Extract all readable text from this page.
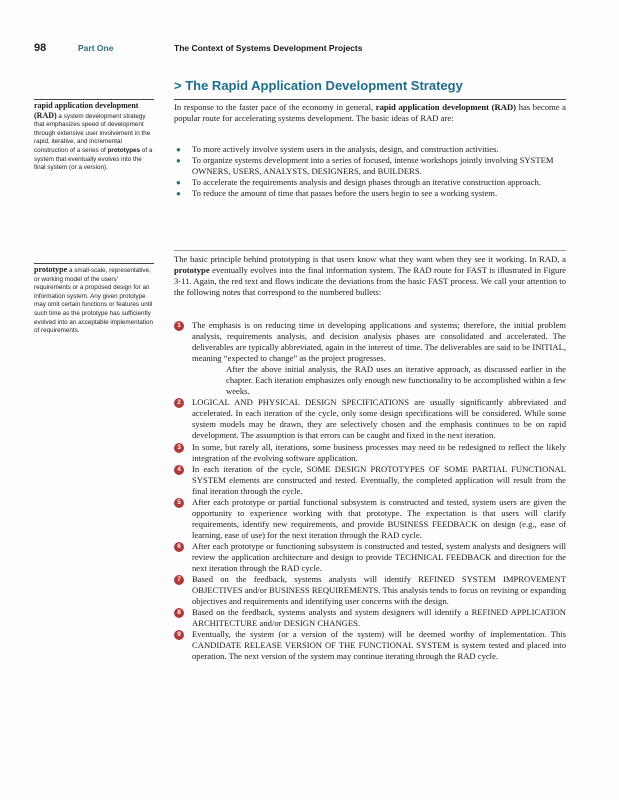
98	Part One	The Context of Systems Development Projects
> The Rapid Application Development Strategy
rapid application development (RAD) a system development strategy that emphasizes speed of development through extensive user involvement in the rapid, iterative, and incremental construction of a series of prototypes of a system that eventually evolves into the final system (or a version).
prototype a small-scale, representative, or working model of the users' requirements or a proposed design for an information system. Any given prototype may omit certain functions or features until such time as the prototype has sufficiently evolved into an acceptable implementation of requirements.
In response to the faster pace of the economy in general, rapid application development (RAD) has become a popular route for accelerating systems development. The basic ideas of RAD are:
● To more actively involve system users in the analysis, design, and construction activities.
● To organize systems development into a series of focused, intense workshops jointly involving SYSTEM OWNERS, USERS, ANALYSTS, DESIGNERS, and BUILDERS.
● To accelerate the requirements analysis and design phases through an iterative construction approach.
● To reduce the amount of time that passes before the users begin to see a working system.
The basic principle behind prototyping is that users know what they want when they see it working. In RAD, a prototype eventually evolves into the final information system. The RAD route for FAST is illustrated in Figure 3-11. Again, the red text and flows indicate the deviations from the basic FAST process. We call your attention to the following notes that correspond to the numbered bullets:
1	The emphasis is on reducing time in developing applications and systems; therefore, the initial problem analysis, requirements analysis, and decision analysis phases are consolidated and accelerated. The deliverables are typically abbreviated, again in the interest of time. The deliverables are said to be INITIAL, meaning “expected to change” as the project progresses.
After the above initial analysis, the RAD uses an iterative approach, as discussed earlier in the chapter. Each iteration emphasizes only enough new functionality to be accomplished within a few weeks.
2	LOGICAL AND PHYSICAL DESIGN SPECIFICATIONS are usually significantly abbreviated and accelerated. In each iteration of the cycle, only some design specifications will be considered. While some system models may be drawn, they are selectively chosen and the emphasis continues to be on rapid development. The assumption is that errors can be caught and fixed in the next iteration.
3	In some, but rarely all, iterations, some business processes may need to be redesigned to reflect the likely integration of the evolving software application.
4	In each iteration of the cycle, SOME DESIGN PROTOTYPES OF SOME PARTIAL FUNCTIONAL SYSTEM elements are constructed and tested. Eventually, the completed application will result from the final iteration through the cycle.
5	After each prototype or partial functional subsystem is constructed and tested, system users are given the opportunity to experience working with that prototype. The expectation is that users will clarify requirements, identify new requirements, and provide BUSINESS FEEDBACK on design (e.g., ease of learning, ease of use) for the next iteration through the RAD cycle.
6	After each prototype or functioning subsystem is constructed and tested, system analysts and designers will review the application architecture and design to provide TECHNICAL FEEDBACK and direction for the next iteration through the RAD cycle.
7	Based on the feedback, systems analysts will identify REFINED SYSTEM IMPROVEMENT OBJECTIVES and/or BUSINESS REQUIREMENTS. This analysis tends to focus on revising or expanding objectives and requirements and identifying user concerns with the design.
8	Based on the feedback, systems analysts and system designers will identify a REFINED APPLICATION ARCHITECTURE and/or DESIGN CHANGES.
9	Eventually, the system (or a version of the system) will be deemed worthy of implementation. This CANDIDATE RELEASE VERSION OF THE FUNCTIONAL SYSTEM is system tested and placed into operation. The next version of the system may continue iterating through the RAD cycle.
